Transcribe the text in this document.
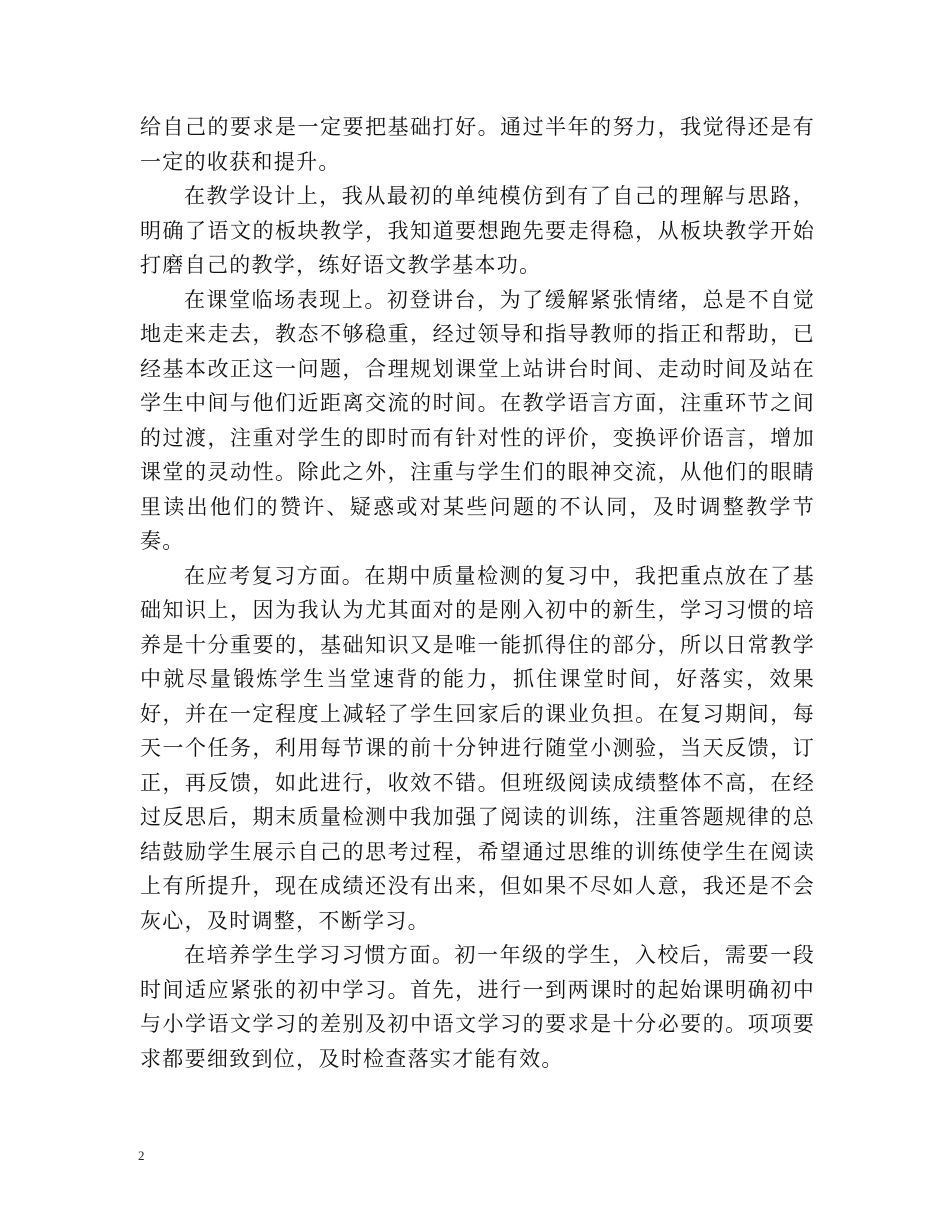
给自己的要求是一定要把基础打好。通过半年的努力，我觉得还是有一定的收获和提升。

在教学设计上，我从最初的单纯模仿到有了自己的理解与思路，明确了语文的板块教学，我知道要想跑先要走得稳，从板块教学开始打磨自己的教学，练好语文教学基本功。

在课堂临场表现上。初登讲台，为了缓解紧张情绪，总是不自觉地走来走去，教态不够稳重，经过领导和指导教师的指正和帮助，已经基本改正这一问题，合理规划课堂上站讲台时间、走动时间及站在学生中间与他们近距离交流的时间。在教学语言方面，注重环节之间的过渡，注重对学生的即时而有针对性的评价，变换评价语言，增加课堂的灵动性。除此之外，注重与学生们的眼神交流，从他们的眼睛里读出他们的赞许、疑惑或对某些问题的不认同，及时调整教学节奏。

在应考复习方面。在期中质量检测的复习中，我把重点放在了基础知识上，因为我认为尤其面对的是刚入初中的新生，学习习惯的培养是十分重要的，基础知识又是唯一能抓得住的部分，所以日常教学中就尽量锻炼学生当堂速背的能力，抓住课堂时间，好落实，效果好，并在一定程度上减轻了学生回家后的课业负担。在复习期间，每天一个任务，利用每节课的前十分钟进行随堂小测验，当天反馈，订正，再反馈，如此进行，收效不错。但班级阅读成绩整体不高，在经过反思后，期末质量检测中我加强了阅读的训练，注重答题规律的总结鼓励学生展示自己的思考过程，希望通过思维的训练使学生在阅读上有所提升，现在成绩还没有出来，但如果不尽如人意，我还是不会灰心，及时调整，不断学习。

在培养学生学习习惯方面。初一年级的学生，入校后，需要一段时间适应紧张的初中学习。首先，进行一到两课时的起始课明确初中与小学语文学习的差别及初中语文学习的要求是十分必要的。项项要求都要细致到位，及时检查落实才能有效。

2
